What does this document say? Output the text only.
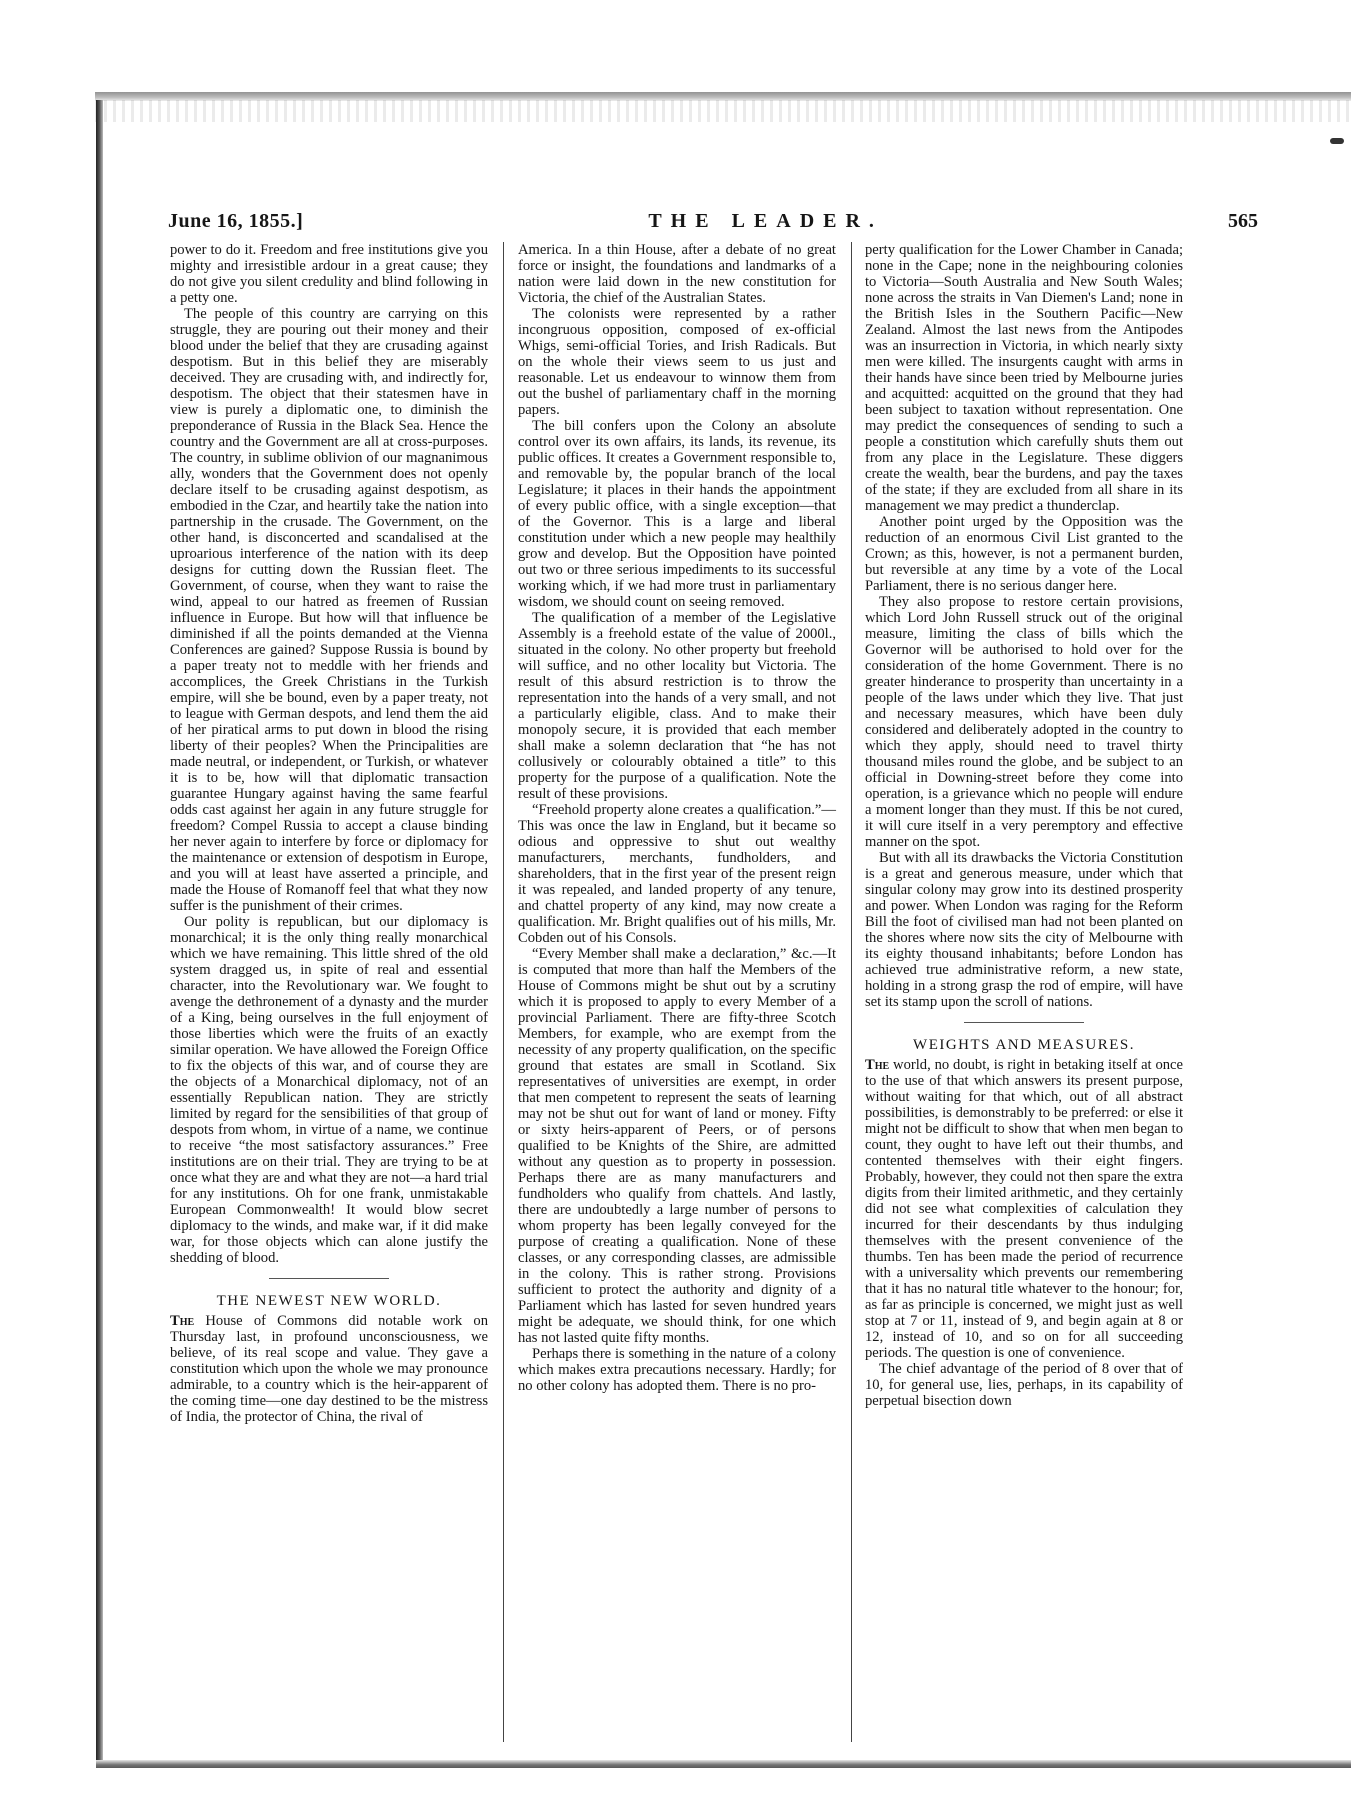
June 16, 1855.]	THE LEADER.	565

power to do it. Freedom and free institutions give you mighty and irresistible ardour in a great cause; they do not give you silent credulity and blind following in a petty one.

The people of this country are carrying on this struggle, they are pouring out their money and their blood under the belief that they are crusading against despotism. But in this belief they are miserably deceived. They are crusading with, and indirectly for, despotism. The object that their statesmen have in view is purely a diplomatic one, to diminish the preponderance of Russia in the Black Sea. Hence the country and the Government are all at cross-purposes. The country, in sublime oblivion of our magnanimous ally, wonders that the Government does not openly declare itself to be crusading against despotism, as embodied in the Czar, and heartily take the nation into partnership in the crusade. The Government, on the other hand, is disconcerted and scandalised at the uproarious interference of the nation with its deep designs for cutting down the Russian fleet. The Government, of course, when they want to raise the wind, appeal to our hatred as freemen of Russian influence in Europe. But how will that influence be diminished if all the points demanded at the Vienna Conferences are gained? Suppose Russia is bound by a paper treaty not to meddle with her friends and accomplices, the Greek Christians in the Turkish empire, will she be bound, even by a paper treaty, not to league with German despots, and lend them the aid of her piratical arms to put down in blood the rising liberty of their peoples? When the Principalities are made neutral, or independent, or Turkish, or whatever it is to be, how will that diplomatic transaction guarantee Hungary against having the same fearful odds cast against her again in any future struggle for freedom? Compel Russia to accept a clause binding her never again to interfere by force or diplomacy for the maintenance or extension of despotism in Europe, and you will at least have asserted a principle, and made the House of Romanoff feel that what they now suffer is the punishment of their crimes.

Our polity is republican, but our diplomacy is monarchical; it is the only thing really monarchical which we have remaining. This little shred of the old system dragged us, in spite of real and essential character, into the Revolutionary war. We fought to avenge the dethronement of a dynasty and the murder of a King, being ourselves in the full enjoyment of those liberties which were the fruits of an exactly similar operation. We have allowed the Foreign Office to fix the objects of this war, and of course they are the objects of a Monarchical diplomacy, not of an essentially Republican nation. They are strictly limited by regard for the sensibilities of that group of despots from whom, in virtue of a name, we continue to receive “the most satisfactory assurances.” Free institutions are on their trial. They are trying to be at once what they are and what they are not—a hard trial for any institutions. Oh for one frank, unmistakable European Commonwealth! It would blow secret diplomacy to the winds, and make war, if it did make war, for those objects which can alone justify the shedding of blood.

THE NEWEST NEW WORLD.

The House of Commons did notable work on Thursday last, in profound unconsciousness, we believe, of its real scope and value. They gave a constitution which upon the whole we may pronounce admirable, to a country which is the heir-apparent of the coming time—one day destined to be the mistress of India, the protector of China, the rival of

America. In a thin House, after a debate of no great force or insight, the foundations and landmarks of a nation were laid down in the new constitution for Victoria, the chief of the Australian States.

The colonists were represented by a rather incongruous opposition, composed of ex-official Whigs, semi-official Tories, and Irish Radicals. But on the whole their views seem to us just and reasonable. Let us endeavour to winnow them from out the bushel of parliamentary chaff in the morning papers.

The bill confers upon the Colony an absolute control over its own affairs, its lands, its revenue, its public offices. It creates a Government responsible to, and removable by, the popular branch of the local Legislature; it places in their hands the appointment of every public office, with a single exception—that of the Governor. This is a large and liberal constitution under which a new people may healthily grow and develop. But the Opposition have pointed out two or three serious impediments to its successful working which, if we had more trust in parliamentary wisdom, we should count on seeing removed.

The qualification of a member of the Legislative Assembly is a freehold estate of the value of 2000l., situated in the colony. No other property but freehold will suffice, and no other locality but Victoria. The result of this absurd restriction is to throw the representation into the hands of a very small, and not a particularly eligible, class. And to make their monopoly secure, it is provided that each member shall make a solemn declaration that “he has not collusively or colourably obtained a title” to this property for the purpose of a qualification. Note the result of these provisions.

“Freehold property alone creates a qualification.”—This was once the law in England, but it became so odious and oppressive to shut out wealthy manufacturers, merchants, fundholders, and shareholders, that in the first year of the present reign it was repealed, and landed property of any tenure, and chattel property of any kind, may now create a qualification. Mr. Bright qualifies out of his mills, Mr. Cobden out of his Consols.

“Every Member shall make a declaration,” &c.—It is computed that more than half the Members of the House of Commons might be shut out by a scrutiny which it is proposed to apply to every Member of a provincial Parliament. There are fifty-three Scotch Members, for example, who are exempt from the necessity of any property qualification, on the specific ground that estates are small in Scotland. Six representatives of universities are exempt, in order that men competent to represent the seats of learning may not be shut out for want of land or money. Fifty or sixty heirs-apparent of Peers, or of persons qualified to be Knights of the Shire, are admitted without any question as to property in possession. Perhaps there are as many manufacturers and fundholders who qualify from chattels. And lastly, there are undoubtedly a large number of persons to whom property has been legally conveyed for the purpose of creating a qualification. None of these classes, or any corresponding classes, are admissible in the colony. This is rather strong. Provisions sufficient to protect the authority and dignity of a Parliament which has lasted for seven hundred years might be adequate, we should think, for one which has not lasted quite fifty months.

Perhaps there is something in the nature of a colony which makes extra precautions necessary. Hardly; for no other colony has adopted them. There is no pro-

perty qualification for the Lower Chamber in Canada; none in the Cape; none in the neighbouring colonies to Victoria—South Australia and New South Wales; none across the straits in Van Diemen's Land; none in the British Isles in the Southern Pacific—New Zealand. Almost the last news from the Antipodes was an insurrection in Victoria, in which nearly sixty men were killed. The insurgents caught with arms in their hands have since been tried by Melbourne juries and acquitted: acquitted on the ground that they had been subject to taxation without representation. One may predict the consequences of sending to such a people a constitution which carefully shuts them out from any place in the Legislature. These diggers create the wealth, bear the burdens, and pay the taxes of the state; if they are excluded from all share in its management we may predict a thunderclap.

Another point urged by the Opposition was the reduction of an enormous Civil List granted to the Crown; as this, however, is not a permanent burden, but reversible at any time by a vote of the Local Parliament, there is no serious danger here.

They also propose to restore certain provisions, which Lord John Russell struck out of the original measure, limiting the class of bills which the Governor will be authorised to hold over for the consideration of the home Government. There is no greater hinderance to prosperity than uncertainty in a people of the laws under which they live. That just and necessary measures, which have been duly considered and deliberately adopted in the country to which they apply, should need to travel thirty thousand miles round the globe, and be subject to an official in Downing-street before they come into operation, is a grievance which no people will endure a moment longer than they must. If this be not cured, it will cure itself in a very peremptory and effective manner on the spot.

But with all its drawbacks the Victoria Constitution is a great and generous measure, under which that singular colony may grow into its destined prosperity and power. When London was raging for the Reform Bill the foot of civilised man had not been planted on the shores where now sits the city of Melbourne with its eighty thousand inhabitants; before London has achieved true administrative reform, a new state, holding in a strong grasp the rod of empire, will have set its stamp upon the scroll of nations.

WEIGHTS AND MEASURES.

The world, no doubt, is right in betaking itself at once to the use of that which answers its present purpose, without waiting for that which, out of all abstract possibilities, is demonstrably to be preferred: or else it might not be difficult to show that when men began to count, they ought to have left out their thumbs, and contented themselves with their eight fingers. Probably, however, they could not then spare the extra digits from their limited arithmetic, and they certainly did not see what complexities of calculation they incurred for their descendants by thus indulging themselves with the present convenience of the thumbs. Ten has been made the period of recurrence with a universality which prevents our remembering that it has no natural title whatever to the honour; for, as far as principle is concerned, we might just as well stop at 7 or 11, instead of 9, and begin again at 8 or 12, instead of 10, and so on for all succeeding periods. The question is one of convenience.

The chief advantage of the period of 8 over that of 10, for general use, lies, perhaps, in its capability of perpetual bisection down
